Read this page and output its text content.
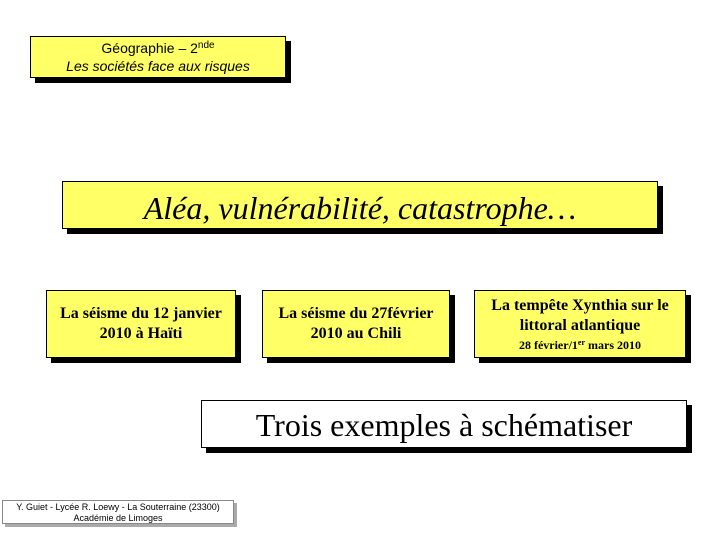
Géographie – 2nde
Les sociétés face aux risques
Aléa, vulnérabilité, catastrophe…
La séisme du 12 janvier 2010 à Haïti
La séisme du 27février 2010 au Chili
La tempête Xynthia sur le littoral atlantique
28 février/1er mars 2010
Trois exemples à schématiser
Y. Guiet - Lycée R. Loewy - La Souterraine (23300)
Académie de Limoges
